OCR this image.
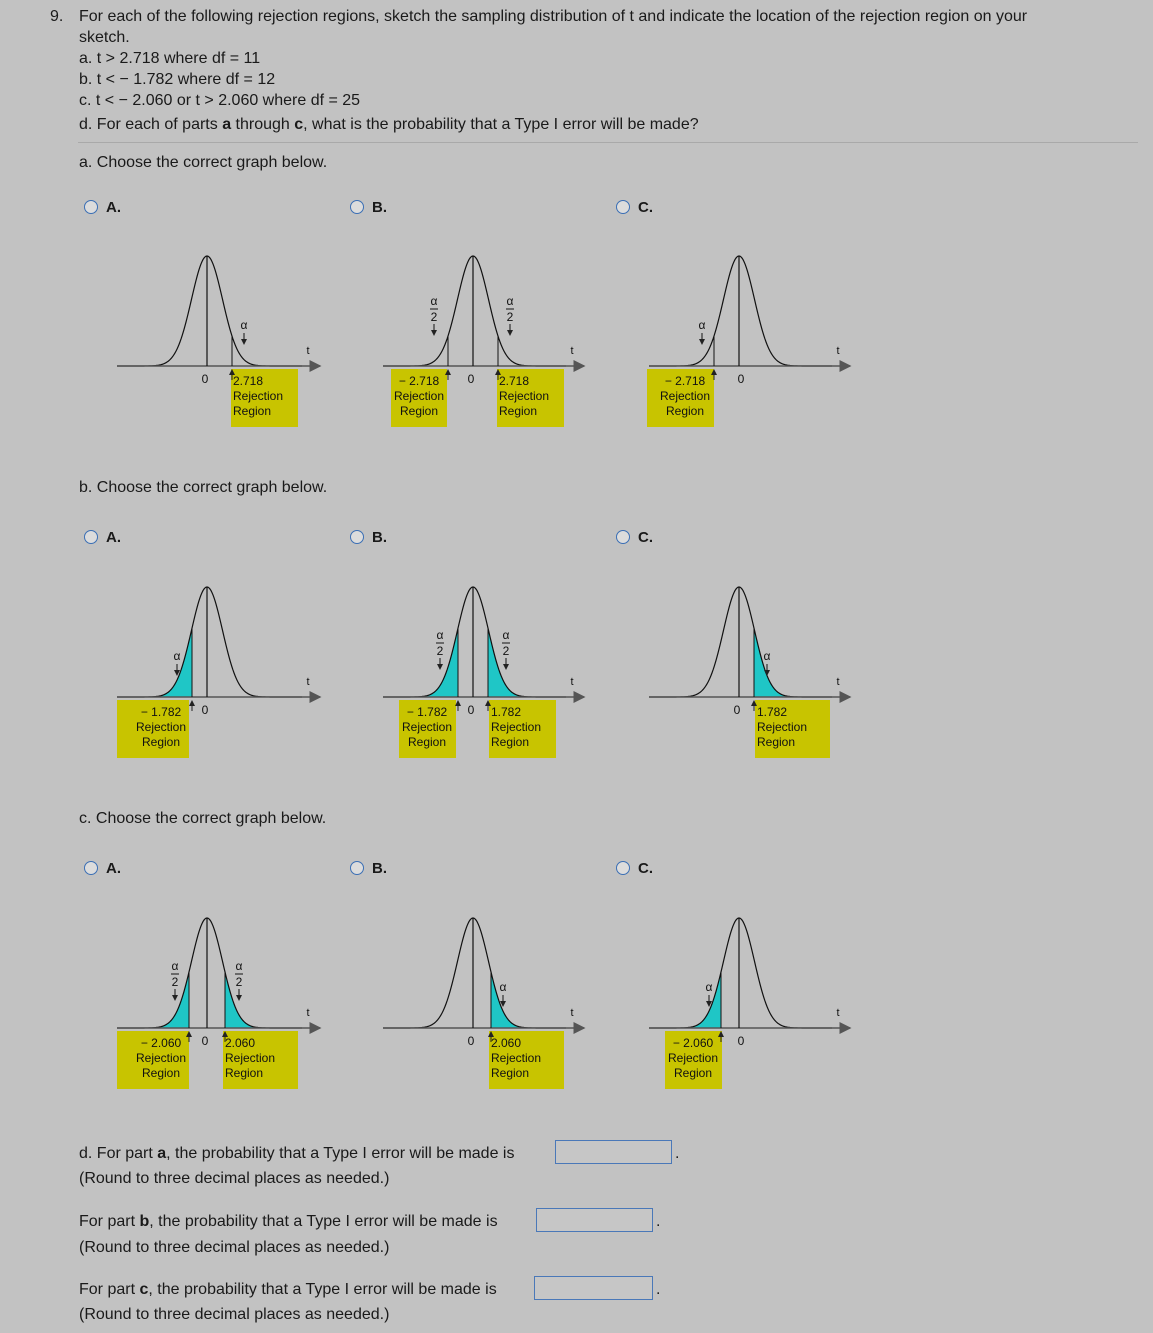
9. For each of the following rejection regions, sketch the sampling distribution of t and indicate the location of the rejection region on your
sketch.
a. t > 2.718 where df = 11
b. t < − 1.782 where df = 12
c. t < − 2.060 or t > 2.060 where df = 25
d. For each of parts a through c, what is the probability that a Type I error will be made?
a. Choose the correct graph below.
b. Choose the correct graph below.
c. Choose the correct graph below.
A.	B.	C.
A.	B.	C.
A.	B.	C.
t
0 2.718
Rejection
Region
α
t
0
− 2.718
Rejection
Region
2.718
Rejection
Region
α
2
α
2
t
0
− 2.718
Rejection
Region
α
t
0
− 1.782
Rejection
Region
α
t
0
− 1.782
Rejection
Region
1.782
Rejection
Region
α
2
α
2
t
0 1.782
Rejection
Region
α
t
0
− 2.060
Rejection
Region
2.060
Rejection
Region
α
2
α
2
t
0 2.060
Rejection
Region
α
t
0
− 2.060
Rejection
Region
α
d. For part a, the probability that a Type I error will be made is	.
(Round to three decimal places as needed.)
For part b, the probability that a Type I error will be made is	.
(Round to three decimal places as needed.)
For part c, the probability that a Type I error will be made is	.
(Round to three decimal places as needed.)
